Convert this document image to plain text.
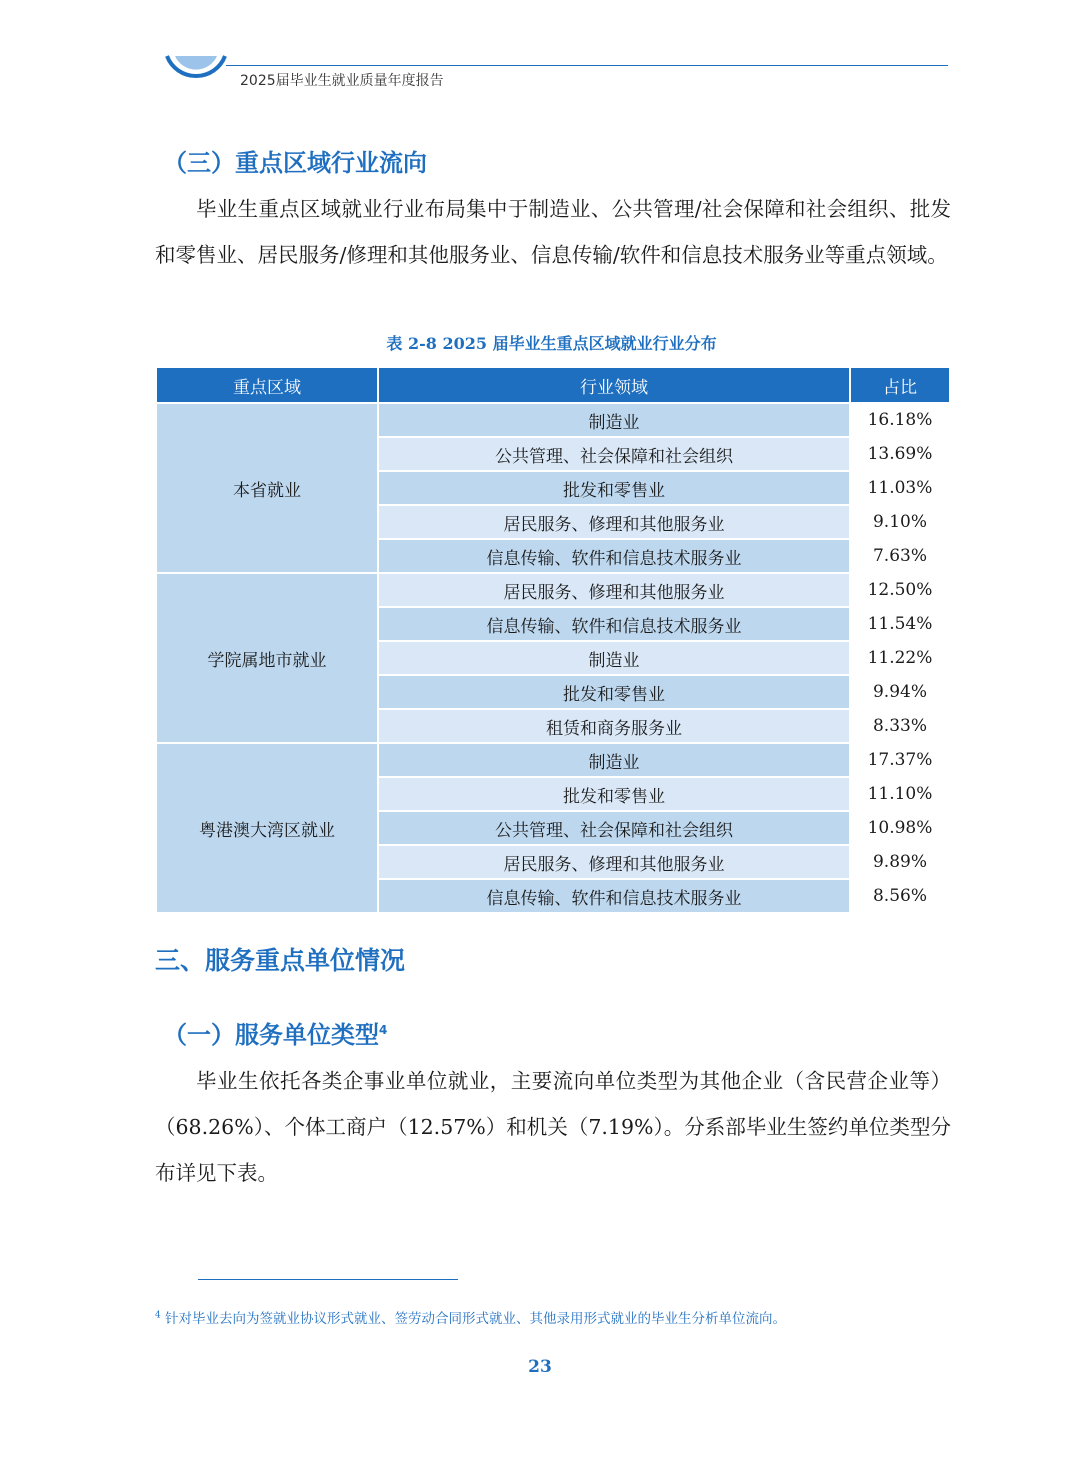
2025届毕业生就业质量年度报告
（三）重点区域行业流向

毕业生重点区域就业行业布局集中于制造业、公共管理/社会保障和社会组织、批发和零售业、居民服务/修理和其他服务业、信息传输/软件和信息技术服务业等重点领域。

表 2-8 2025 届毕业生重点区域就业行业分布
重点区域	行业领域	占比
本省就业	制造业	16.18%
	公共管理、社会保障和社会组织	13.69%
	批发和零售业	11.03%
	居民服务、修理和其他服务业	9.10%
	信息传输、软件和信息技术服务业	7.63%
学院属地市就业	居民服务、修理和其他服务业	12.50%
	信息传输、软件和信息技术服务业	11.54%
	制造业	11.22%
	批发和零售业	9.94%
	租赁和商务服务业	8.33%
粤港澳大湾区就业	制造业	17.37%
	批发和零售业	11.10%
	公共管理、社会保障和社会组织	10.98%
	居民服务、修理和其他服务业	9.89%
	信息传输、软件和信息技术服务业	8.56%
三、服务重点单位情况
（一）服务单位类型$^4$

毕业生依托各类企事业单位就业，主要流向单位类型为其他企业（含民营企业等）（68.26%）、个体工商户（12.57%）和机关（7.19%）。分系部毕业生签约单位类型分布详见下表。

$^4$ 针对毕业去向为签就业协议形式就业、签劳动合同形式就业、其他录用形式就业的毕业生分析单位流向。
23
